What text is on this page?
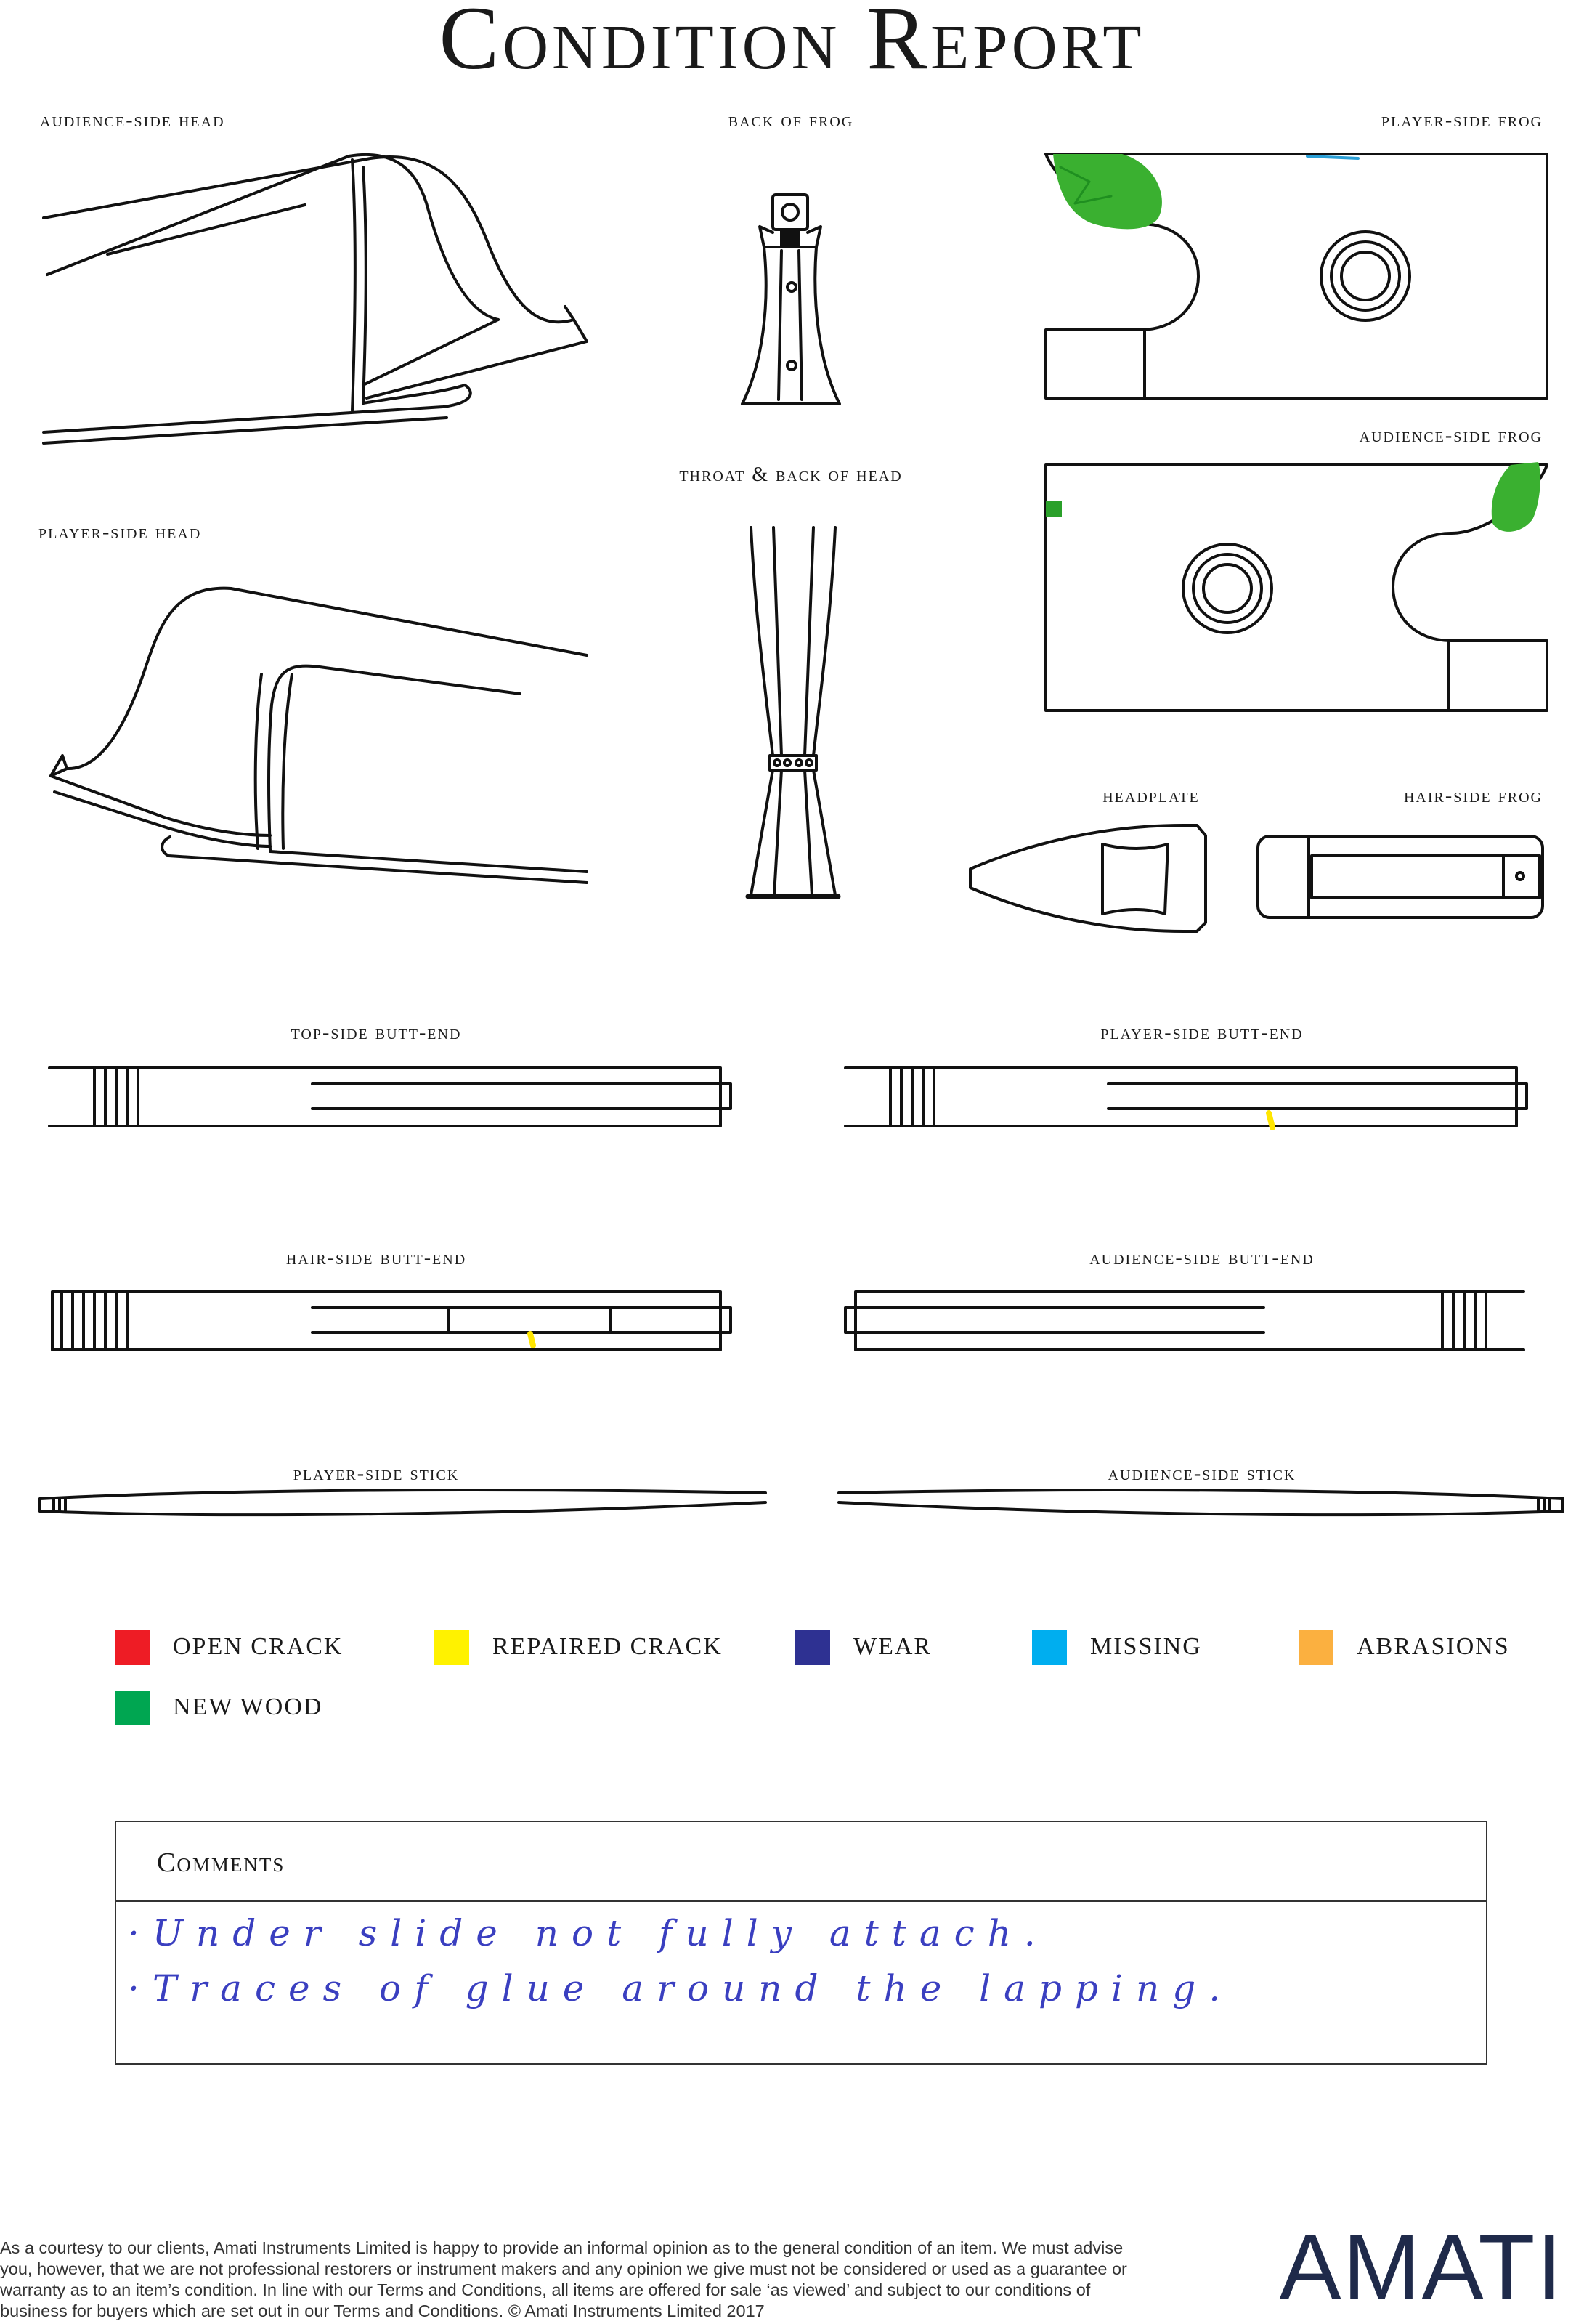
Condition Report
audience-side head	back of frog	player-side frog
throat & back of head
audience-side frog
player-side head
headplate	hair-side frog
top-side butt-end	player-side butt-end
hair-side butt-end	audience-side butt-end
player-side stick	audience-side stick
OPEN CRACK	REPAIRED CRACK	WEAR	MISSING	ABRASIONS
NEW WOOD
Comments
·Under slide not fully attach.
·Traces of glue around the lapping.

As a courtesy to our clients, Amati Instruments Limited is happy to provide an informal opinion as to the general condition of an item. We must advise you, however, that we are not professional restorers or instrument makers and any opinion we give must not be considered or used as a guarantee or warranty as to an item’s condition. In line with our Terms and Conditions, all items are offered for sale ‘as viewed’ and subject to our conditions of business for buyers which are set out in our Terms and Conditions. © Amati Instruments Limited 2017	AMATI
